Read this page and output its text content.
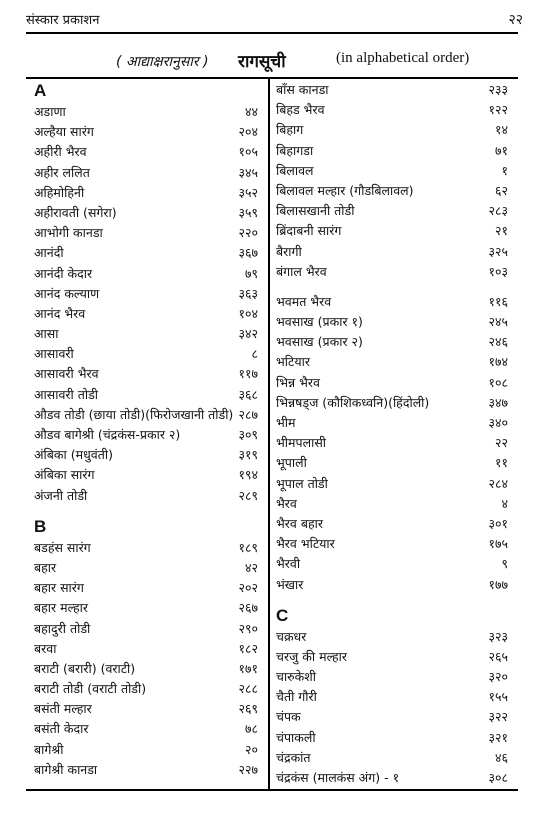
संस्कार प्रकाशन	२२
( आद्याक्षरानुसार ) रागसूची	(in alphabetical order)
A
अडाणा	४४
अल्हैया सारंग	२०४
अहीरी भैरव	१०५
अहीर ललित	३४५
अहिमोहिनी	३५२
अहीरावती (सगेरा)	३५९
आभोगी कानडा	२२०
आनंदी	३६७
आनंदी केदार	७९
आनंद कल्याण	३६३
आनंद भैरव	१०४
आसा	३४२
आसावरी	८
आसावरी भैरव	११७
आसावरी तोडी	३६८
औडव तोडी (छाया तोडी)(फिरोजखानी तोडी) २८७
औडव बागेश्री (चंद्रकंस-प्रकार २)	३०९
अंबिका (मधुवंती)	३१९
अंबिका सारंग	१९४
अंजनी तोडी	२८९
B
बडहंस सारंग	१८९
बहार	४२
बहार सारंग	२०२
बहार मल्हार	२६७
बहादुरी तोडी	२९०
बरवा	१८२
बराटी (बरारी) (वराटी)	१७१
बराटी तोडी (वराटी तोडी)	२८८
बसंती मल्हार	२६९
बसंती केदार	७८
बागेश्री	२०
बागेश्री कानडा	२२७
बाँस कानडा	२३३
बिहड भैरव	१२२
बिहाग	१४
बिहागडा	७१
बिलावल	१
बिलावल मल्हार (गौडबिलावल)	६२
बिलासखानी तोडी	२८३
ब्रिंदाबनी सारंग	२१
बैरागी	३२५
बंगाल भैरव	१०३
भवमत भैरव	११६
भवसाख (प्रकार १)	२४५
भवसाख (प्रकार २)	२४६
भटियार	१७४
भिन्न भैरव	१०८
भिन्नषड्ज (कौशिकध्वनि)(हिंदोली)	३४७
भीम	३४०
भीमपलासी	२२
भूपाली	११
भूपाल तोडी	२८४
भैरव	४
भैरव बहार	३०१
भैरव भटियार	१७५
भैरवी	९
भंखार	१७७
C
चक्रधर	३२३
चरजु की मल्हार	२६५
चारुकेशी	३२०
चैती गौरी	१५५
चंपक	३२२
चंपाकली	३२१
चंद्रकांत	४६
चंद्रकंस (मालकंस अंग) - १	३०८
